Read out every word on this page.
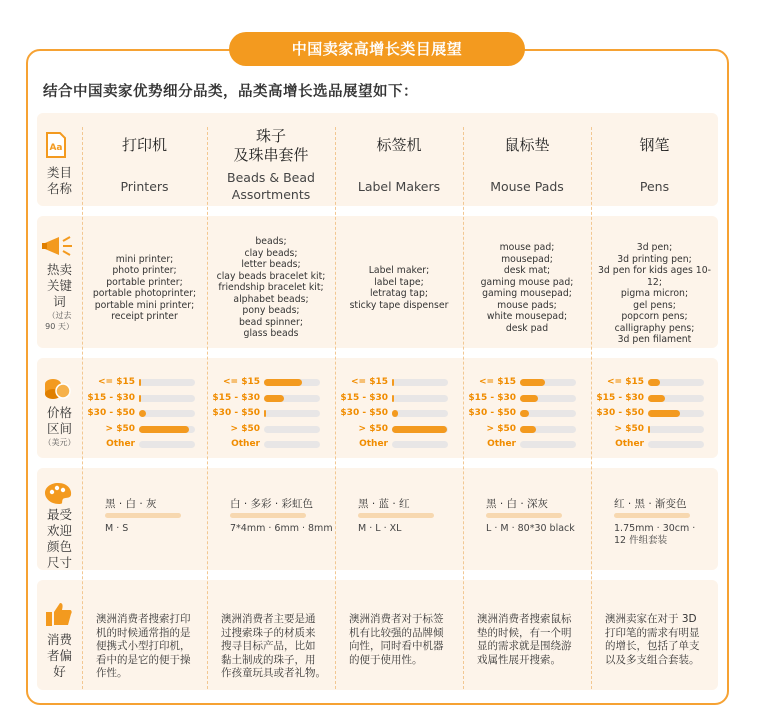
中国卖家高增长类目展望
结合中国卖家优势细分品类，品类高增长选品展望如下：
Aa
类目
名称
热卖
关键
词
（过去
90 天）
价格
区间
（美元）
最受
欢迎
颜色
尺寸
消费
者偏
好
打印机
Printers
mini printer;
photo printer;
portable printer;
portable photoprinter;
portable mini printer;
receipt printer
<= $15
$15 - $30
$30 - $50
> $50
Other
黑 · 白 · 灰
M · S
澳洲消费者搜索打印
机的时候通常指的是
便携式小型打印机，
看中的是它的便于操
作性。
珠子
及珠串套件
Beads & Bead
Assortments
beads;
clay beads;
letter beads;
clay beads bracelet kit;
friendship bracelet kit;
alphabet beads;
pony beads;
bead spinner;
glass beads
<= $15
$15 - $30
$30 - $50
> $50
Other
白 · 多彩 · 彩虹色
7*4mm · 6mm · 8mm
澳洲消费者主要是通
过搜索珠子的材质来
搜寻目标产品，比如
黏土制成的珠子，用
作孩童玩具或者礼物。
标签机
Label Makers
Label maker;
label tape;
letratag tap;
sticky tape dispenser
<= $15
$15 - $30
$30 - $50
> $50
Other
黑 · 蓝 · 红
M · L · XL
澳洲消费者对于标签
机有比较强的品牌倾
向性，同时看中机器
的便于使用性。
鼠标垫
Mouse Pads
mouse pad;
mousepad;
desk mat;
gaming mouse pad;
gaming mousepad;
mouse pads;
white mousepad;
desk pad
<= $15
$15 - $30
$30 - $50
> $50
Other
黑 · 白 · 深灰
L · M · 80*30 black
澳洲消费者搜索鼠标
垫的时候，有一个明
显的需求就是围绕游
戏属性展开搜索。
钢笔
Pens
3d pen;
3d printing pen;
3d pen for kids ages 10-12;
pigma micron;
gel pens;
popcorn pens;
calligraphy pens;
3d pen filament
<= $15
$15 - $30
$30 - $50
> $50
Other
红 · 黑 · 渐变色
1.75mm · 30cm ·
12 件组套装
澳洲卖家在对于 3D
打印笔的需求有明显
的增长，包括了单支
以及多支组合套装。
